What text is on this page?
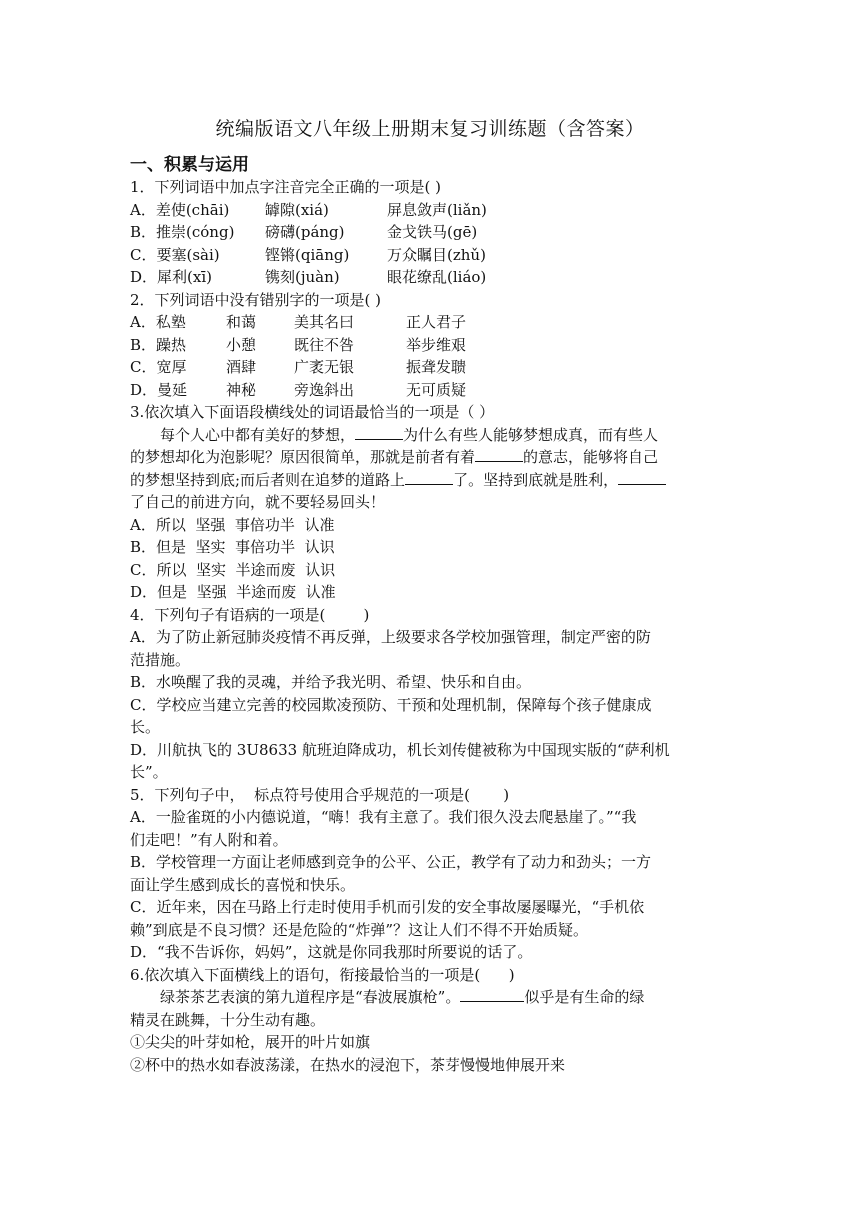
统编版语文八年级上册期末复习训练题（含答案）
一、积累与运用
1．下列词语中加点字注音完全正确的一项是( )
A．差使(chāi) 罅隙(xiá)	屏息敛声(liǎn)
B．推崇(cóng) 磅礴(páng)	金戈铁马(gē)
C．要塞(sài)	铿锵(qiāng)	万众瞩目(zhǔ)
D．犀利(xī)	镌刻(juàn)	眼花缭乱(liáo)
2．下列词语中没有错别字的一项是( )
A．私塾	和蔼	美其名曰	正人君子
B．躁热	小憩	既往不咎	举步维艰
C．宽厚	酒肆	广袤无银	振聋发聩
D．曼延	神秘	旁逸斜出	无可质疑
3.依次填入下面语段横线处的词语最恰当的一项是（ ）
每个人心中都有美好的梦想，	为什么有些人能够梦想成真，而有些人
的梦想却化为泡影呢？原因很简单，那就是前者有着	的意志，能够将自己
的梦想坚持到底;而后者则在追梦的道路上	了。坚持到底就是胜利，
了自己的前进方向，就不要轻易回头！
A．所以  坚强  事倍功半  认准
B．但是  坚实  事倍功半  认识
C．所以  坚实  半途而废  认识
D．但是  坚强  半途而废  认准
4．下列句子有语病的一项是(        )
A．为了防止新冠肺炎疫情不再反弹，上级要求各学校加强管理，制定严密的防
范措施。
B．水唤醒了我的灵魂，并给予我光明、希望、快乐和自由。
C．学校应当建立完善的校园欺凌预防、干预和处理机制，保障每个孩子健康成
长。
D．川航执飞的 3U8633 航班迫降成功，机长刘传健被称为中国现实版的“萨利机
长”。
5．下列句子中，  标点符号使用合乎规范的一项是(       )
A．一脸雀斑的小内德说道，“嗨！我有主意了。我们很久没去爬悬崖了。”“我
们走吧！”有人附和着。
B．学校管理一方面让老师感到竞争的公平、公正，教学有了动力和劲头；一方
面让学生感到成长的喜悦和快乐。
C．近年来，因在马路上行走时使用手机而引发的安全事故屡屡曝光，“手机依
赖”到底是不良习惯？还是危险的“炸弹”？这让人们不得不开始质疑。
D．“我不告诉你，妈妈”，这就是你同我那时所要说的话了。
6.依次填入下面横线上的语句，衔接最恰当的一项是(      )
绿茶茶艺表演的第九道程序是“春波展旗枪”。	似乎是有生命的绿
精灵在跳舞，十分生动有趣。
①尖尖的叶芽如枪，展开的叶片如旗
②杯中的热水如春波荡漾，在热水的浸泡下，茶芽慢慢地伸展开来
